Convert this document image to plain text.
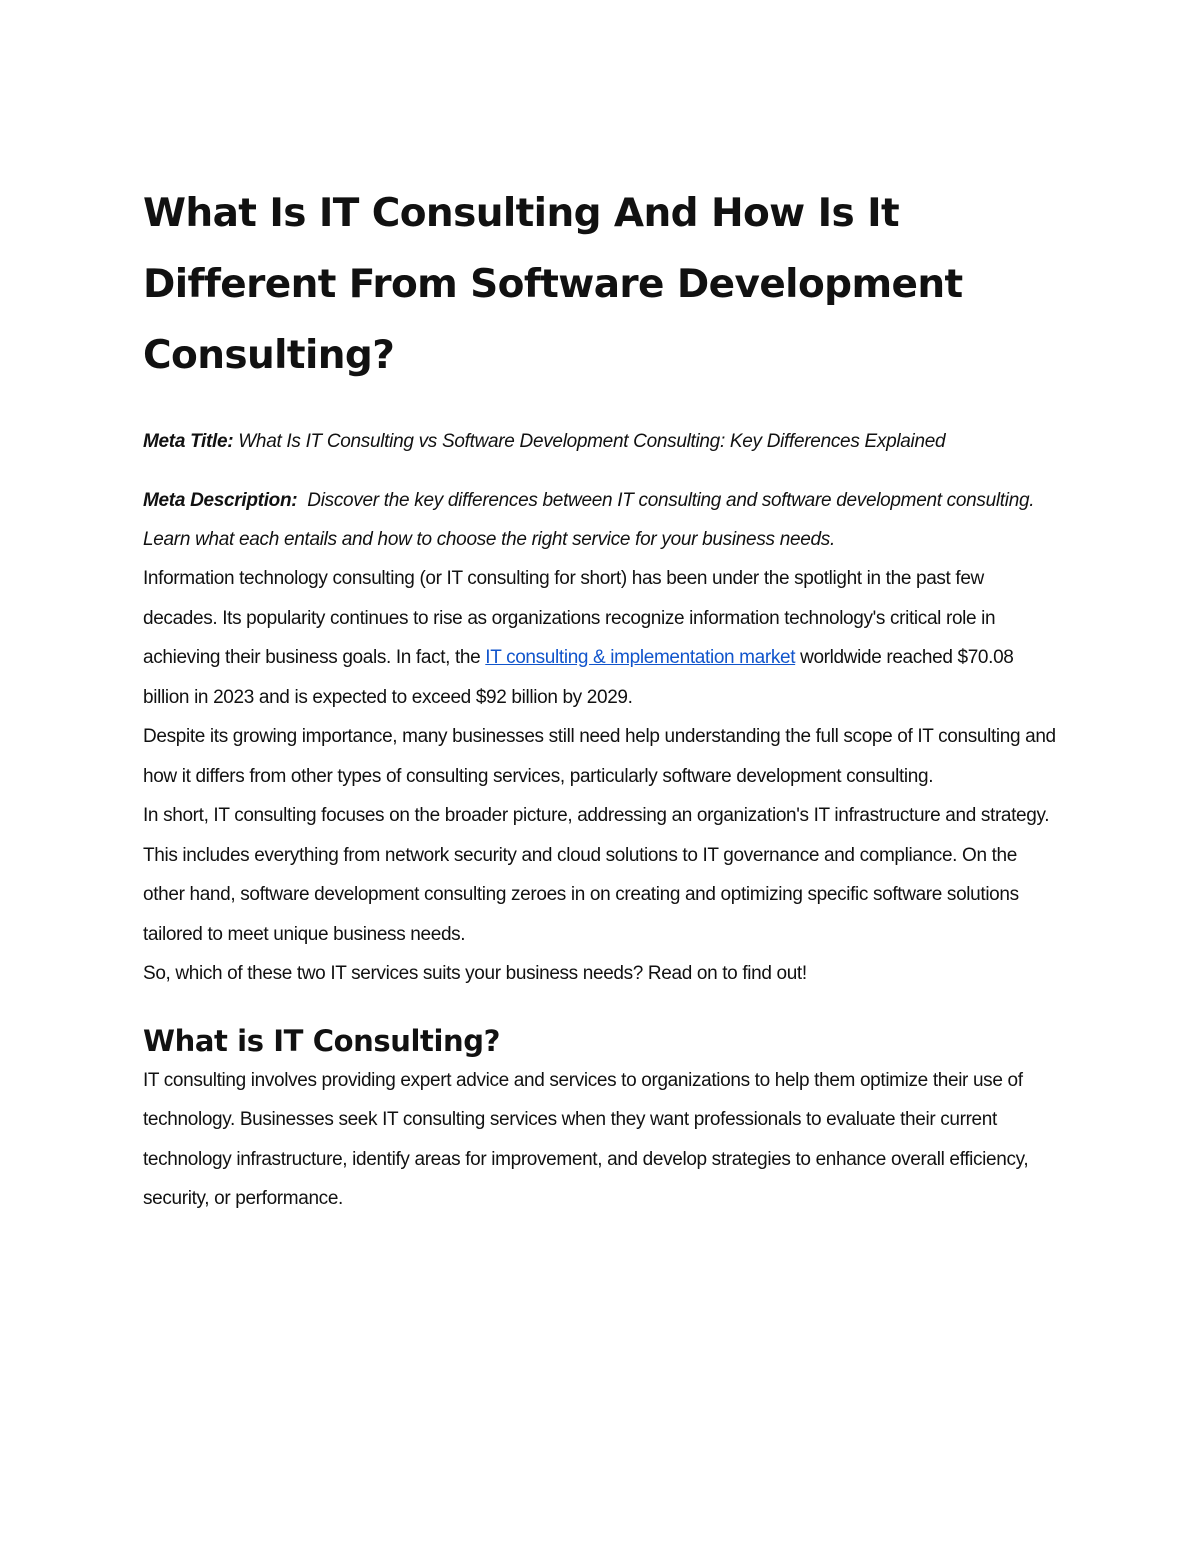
What Is IT Consulting And How Is It Different From Software Development Consulting?

Meta Title: What Is IT Consulting vs Software Development Consulting: Key Differences Explained

Meta Description: Discover the key differences between IT consulting and software development consulting. Learn what each entails and how to choose the right service for your business needs.

Information technology consulting (or IT consulting for short) has been under the spotlight in the past few decades. Its popularity continues to rise as organizations recognize information technology's critical role in achieving their business goals. In fact, the IT consulting & implementation market worldwide reached $70.08 billion in 2023 and is expected to exceed $92 billion by 2029.

Despite its growing importance, many businesses still need help understanding the full scope of IT consulting and how it differs from other types of consulting services, particularly software development consulting.

In short, IT consulting focuses on the broader picture, addressing an organization's IT infrastructure and strategy. This includes everything from network security and cloud solutions to IT governance and compliance. On the other hand, software development consulting zeroes in on creating and optimizing specific software solutions tailored to meet unique business needs.

So, which of these two IT services suits your business needs? Read on to find out!

What is IT Consulting?

IT consulting involves providing expert advice and services to organizations to help them optimize their use of technology. Businesses seek IT consulting services when they want professionals to evaluate their current technology infrastructure, identify areas for improvement, and develop strategies to enhance overall efficiency, security, or performance.
